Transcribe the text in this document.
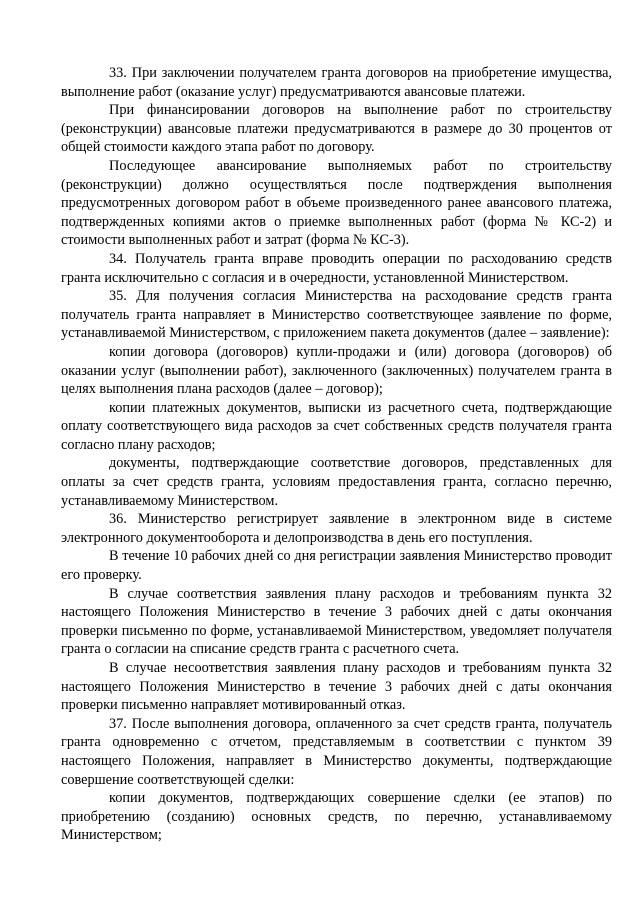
33. При заключении получателем гранта договоров на приобретение имущества, выполнение работ (оказание услуг) предусматриваются авансовые платежи.

При финансировании договоров на выполнение работ по строительству (реконструкции) авансовые платежи предусматриваются в размере до 30 процентов от общей стоимости каждого этапа работ по договору.

Последующее авансирование выполняемых работ по строительству (реконструкции) должно осуществляться после подтверждения выполнения предусмотренных договором работ в объеме произведенного ранее авансового платежа, подтвержденных копиями актов о приемке выполненных работ (форма № КС-2) и стоимости выполненных работ и затрат (форма № КС-3).

34. Получатель гранта вправе проводить операции по расходованию средств гранта исключительно с согласия и в очередности, установленной Министерством.

35. Для получения согласия Министерства на расходование средств гранта получатель гранта направляет в Министерство соответствующее заявление по форме, устанавливаемой Министерством, с приложением пакета документов (далее – заявление):

копии договора (договоров) купли-продажи и (или) договора (договоров) об оказании услуг (выполнении работ), заключенного (заключенных) получателем гранта в целях выполнения плана расходов (далее – договор);

копии платежных документов, выписки из расчетного счета, подтверждающие оплату соответствующего вида расходов за счет собственных средств получателя гранта согласно плану расходов;

документы, подтверждающие соответствие договоров, представленных для оплаты за счет средств гранта, условиям предоставления гранта, согласно перечню, устанавливаемому Министерством.

36. Министерство регистрирует заявление в электронном виде в системе электронного документооборота и делопроизводства в день его поступления.

В течение 10 рабочих дней со дня регистрации заявления Министерство проводит его проверку.

В случае соответствия заявления плану расходов и требованиям пункта 32 настоящего Положения Министерство в течение 3 рабочих дней с даты окончания проверки письменно по форме, устанавливаемой Министерством, уведомляет получателя гранта о согласии на списание средств гранта с расчетного счета.

В случае несоответствия заявления плану расходов и требованиям пункта 32 настоящего Положения Министерство в течение 3 рабочих дней с даты окончания проверки письменно направляет мотивированный отказ.

37. После выполнения договора, оплаченного за счет средств гранта, получатель гранта одновременно с отчетом, представляемым в соответствии с пунктом 39 настоящего Положения, направляет в Министерство документы, подтверждающие совершение соответствующей сделки:

копии документов, подтверждающих совершение сделки (ее этапов) по приобретению (созданию) основных средств, по перечню, устанавливаемому Министерством;
